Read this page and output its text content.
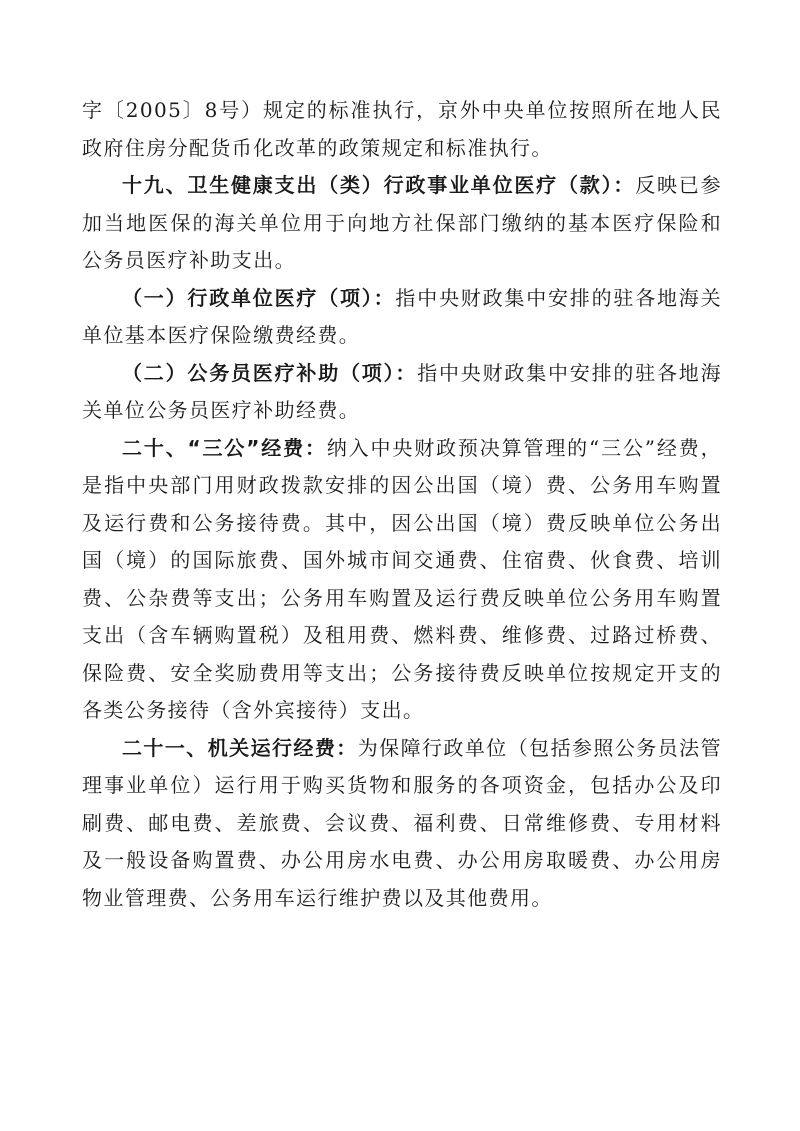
字〔2005〕8号）规定的标准执行，京外中央单位按照所在地人民政府住房分配货币化改革的政策规定和标准执行。

十九、卫生健康支出（类）行政事业单位医疗（款）：反映已参加当地医保的海关单位用于向地方社保部门缴纳的基本医疗保险和公务员医疗补助支出。

（一）行政单位医疗（项）：指中央财政集中安排的驻各地海关单位基本医疗保险缴费经费。

（二）公务员医疗补助（项）：指中央财政集中安排的驻各地海关单位公务员医疗补助经费。

二十、“三公”经费：纳入中央财政预决算管理的“三公”经费，是指中央部门用财政拨款安排的因公出国（境）费、公务用车购置及运行费和公务接待费。其中，因公出国（境）费反映单位公务出国（境）的国际旅费、国外城市间交通费、住宿费、伙食费、培训费、公杂费等支出；公务用车购置及运行费反映单位公务用车购置支出（含车辆购置税）及租用费、燃料费、维修费、过路过桥费、保险费、安全奖励费用等支出；公务接待费反映单位按规定开支的各类公务接待（含外宾接待）支出。

二十一、机关运行经费：为保障行政单位（包括参照公务员法管理事业单位）运行用于购买货物和服务的各项资金，包括办公及印刷费、邮电费、差旅费、会议费、福利费、日常维修费、专用材料及一般设备购置费、办公用房水电费、办公用房取暖费、办公用房物业管理费、公务用车运行维护费以及其他费用。
